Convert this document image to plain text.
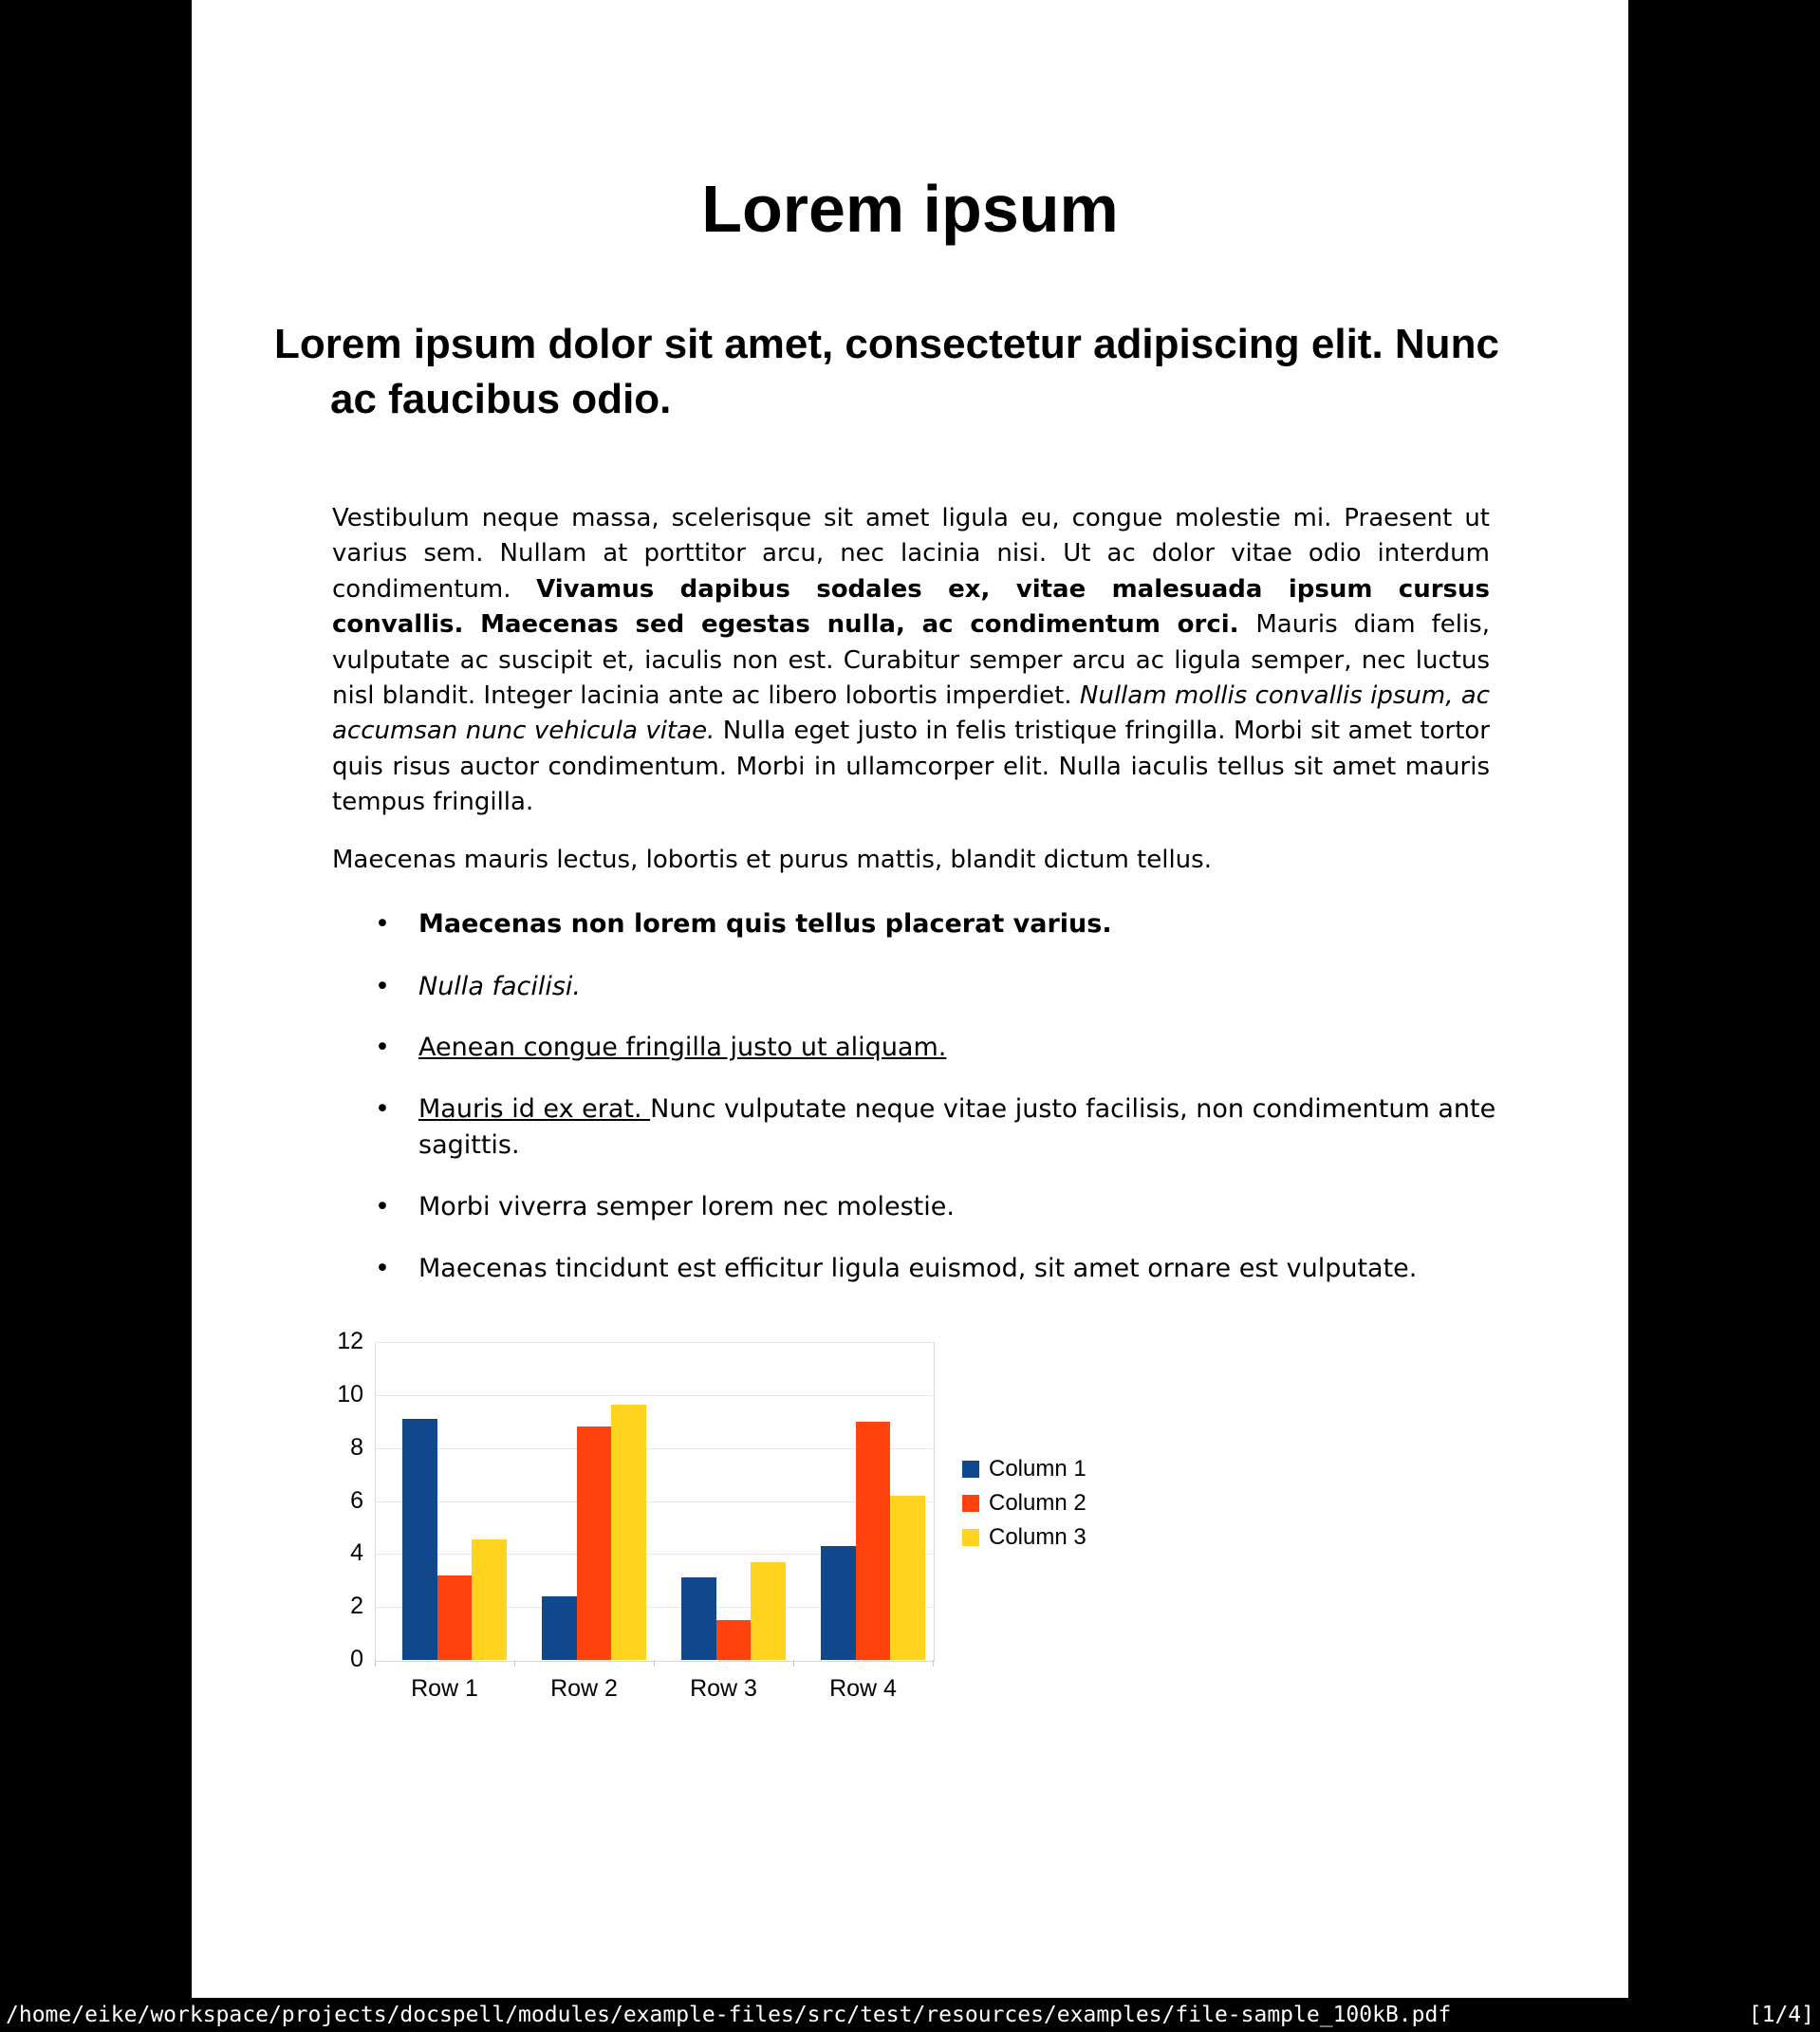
Lorem ipsum
Lorem ipsum dolor sit amet, consectetur adipiscing elit. Nunc ac faucibus odio.
Vestibulum neque massa, scelerisque sit amet ligula eu, congue molestie mi. Praesent ut varius sem. Nullam at porttitor arcu, nec lacinia nisi. Ut ac dolor vitae odio interdum condimentum. Vivamus dapibus sodales ex, vitae malesuada ipsum cursus convallis. Maecenas sed egestas nulla, ac condimentum orci. Mauris diam felis, vulputate ac suscipit et, iaculis non est. Curabitur semper arcu ac ligula semper, nec luctus nisl blandit. Integer lacinia ante ac libero lobortis imperdiet. Nullam mollis convallis ipsum, ac accumsan nunc vehicula vitae. Nulla eget justo in felis tristique fringilla. Morbi sit amet tortor quis risus auctor condimentum. Morbi in ullamcorper elit. Nulla iaculis tellus sit amet mauris tempus fringilla.
Maecenas mauris lectus, lobortis et purus mattis, blandit dictum tellus.
• Maecenas non lorem quis tellus placerat varius.
• Nulla facilisi.
• Aenean congue fringilla justo ut aliquam.
• Mauris id ex erat. Nunc vulputate neque vitae justo facilisis, non condimentum ante sagittis.
• Morbi viverra semper lorem nec molestie.
• Maecenas tincidunt est efficitur ligula euismod, sit amet ornare est vulputate.
0
2
4
6
8
10
12
Row 1	Row 2	Row 3	Row 4
Column 1
Column 2
Column 3
/home/eike/workspace/projects/docspell/modules/example-files/src/test/resources/examples/file-sample_100kB.pdf	[1/4]
